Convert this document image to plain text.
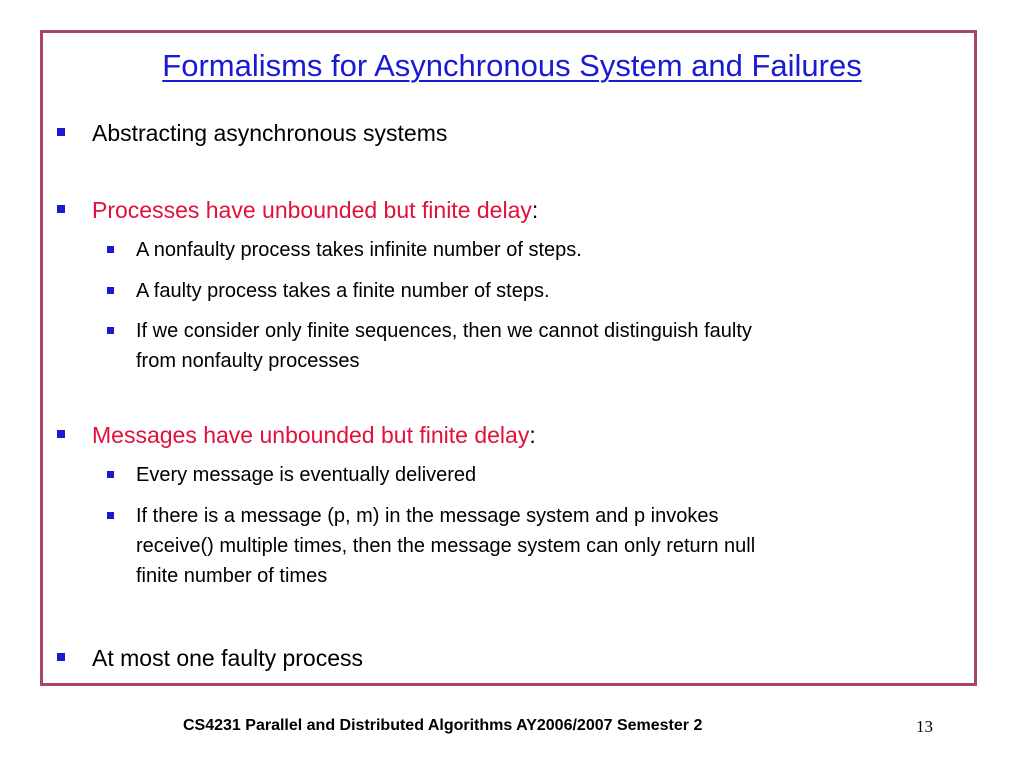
Formalisms for Asynchronous System and Failures
Abstracting asynchronous systems
Processes have unbounded but finite delay:
A nonfaulty process takes infinite number of steps.
A faulty process takes a finite number of steps.
If we consider only finite sequences, then we cannot distinguish faulty
from nonfaulty processes
Messages have unbounded but finite delay:
Every message is eventually delivered
If there is a message (p, m) in the message system and p invokes
receive() multiple times, then the message system can only return null
finite number of times
At most one faulty process
CS4231 Parallel and Distributed Algorithms AY2006/2007 Semester 2	13
